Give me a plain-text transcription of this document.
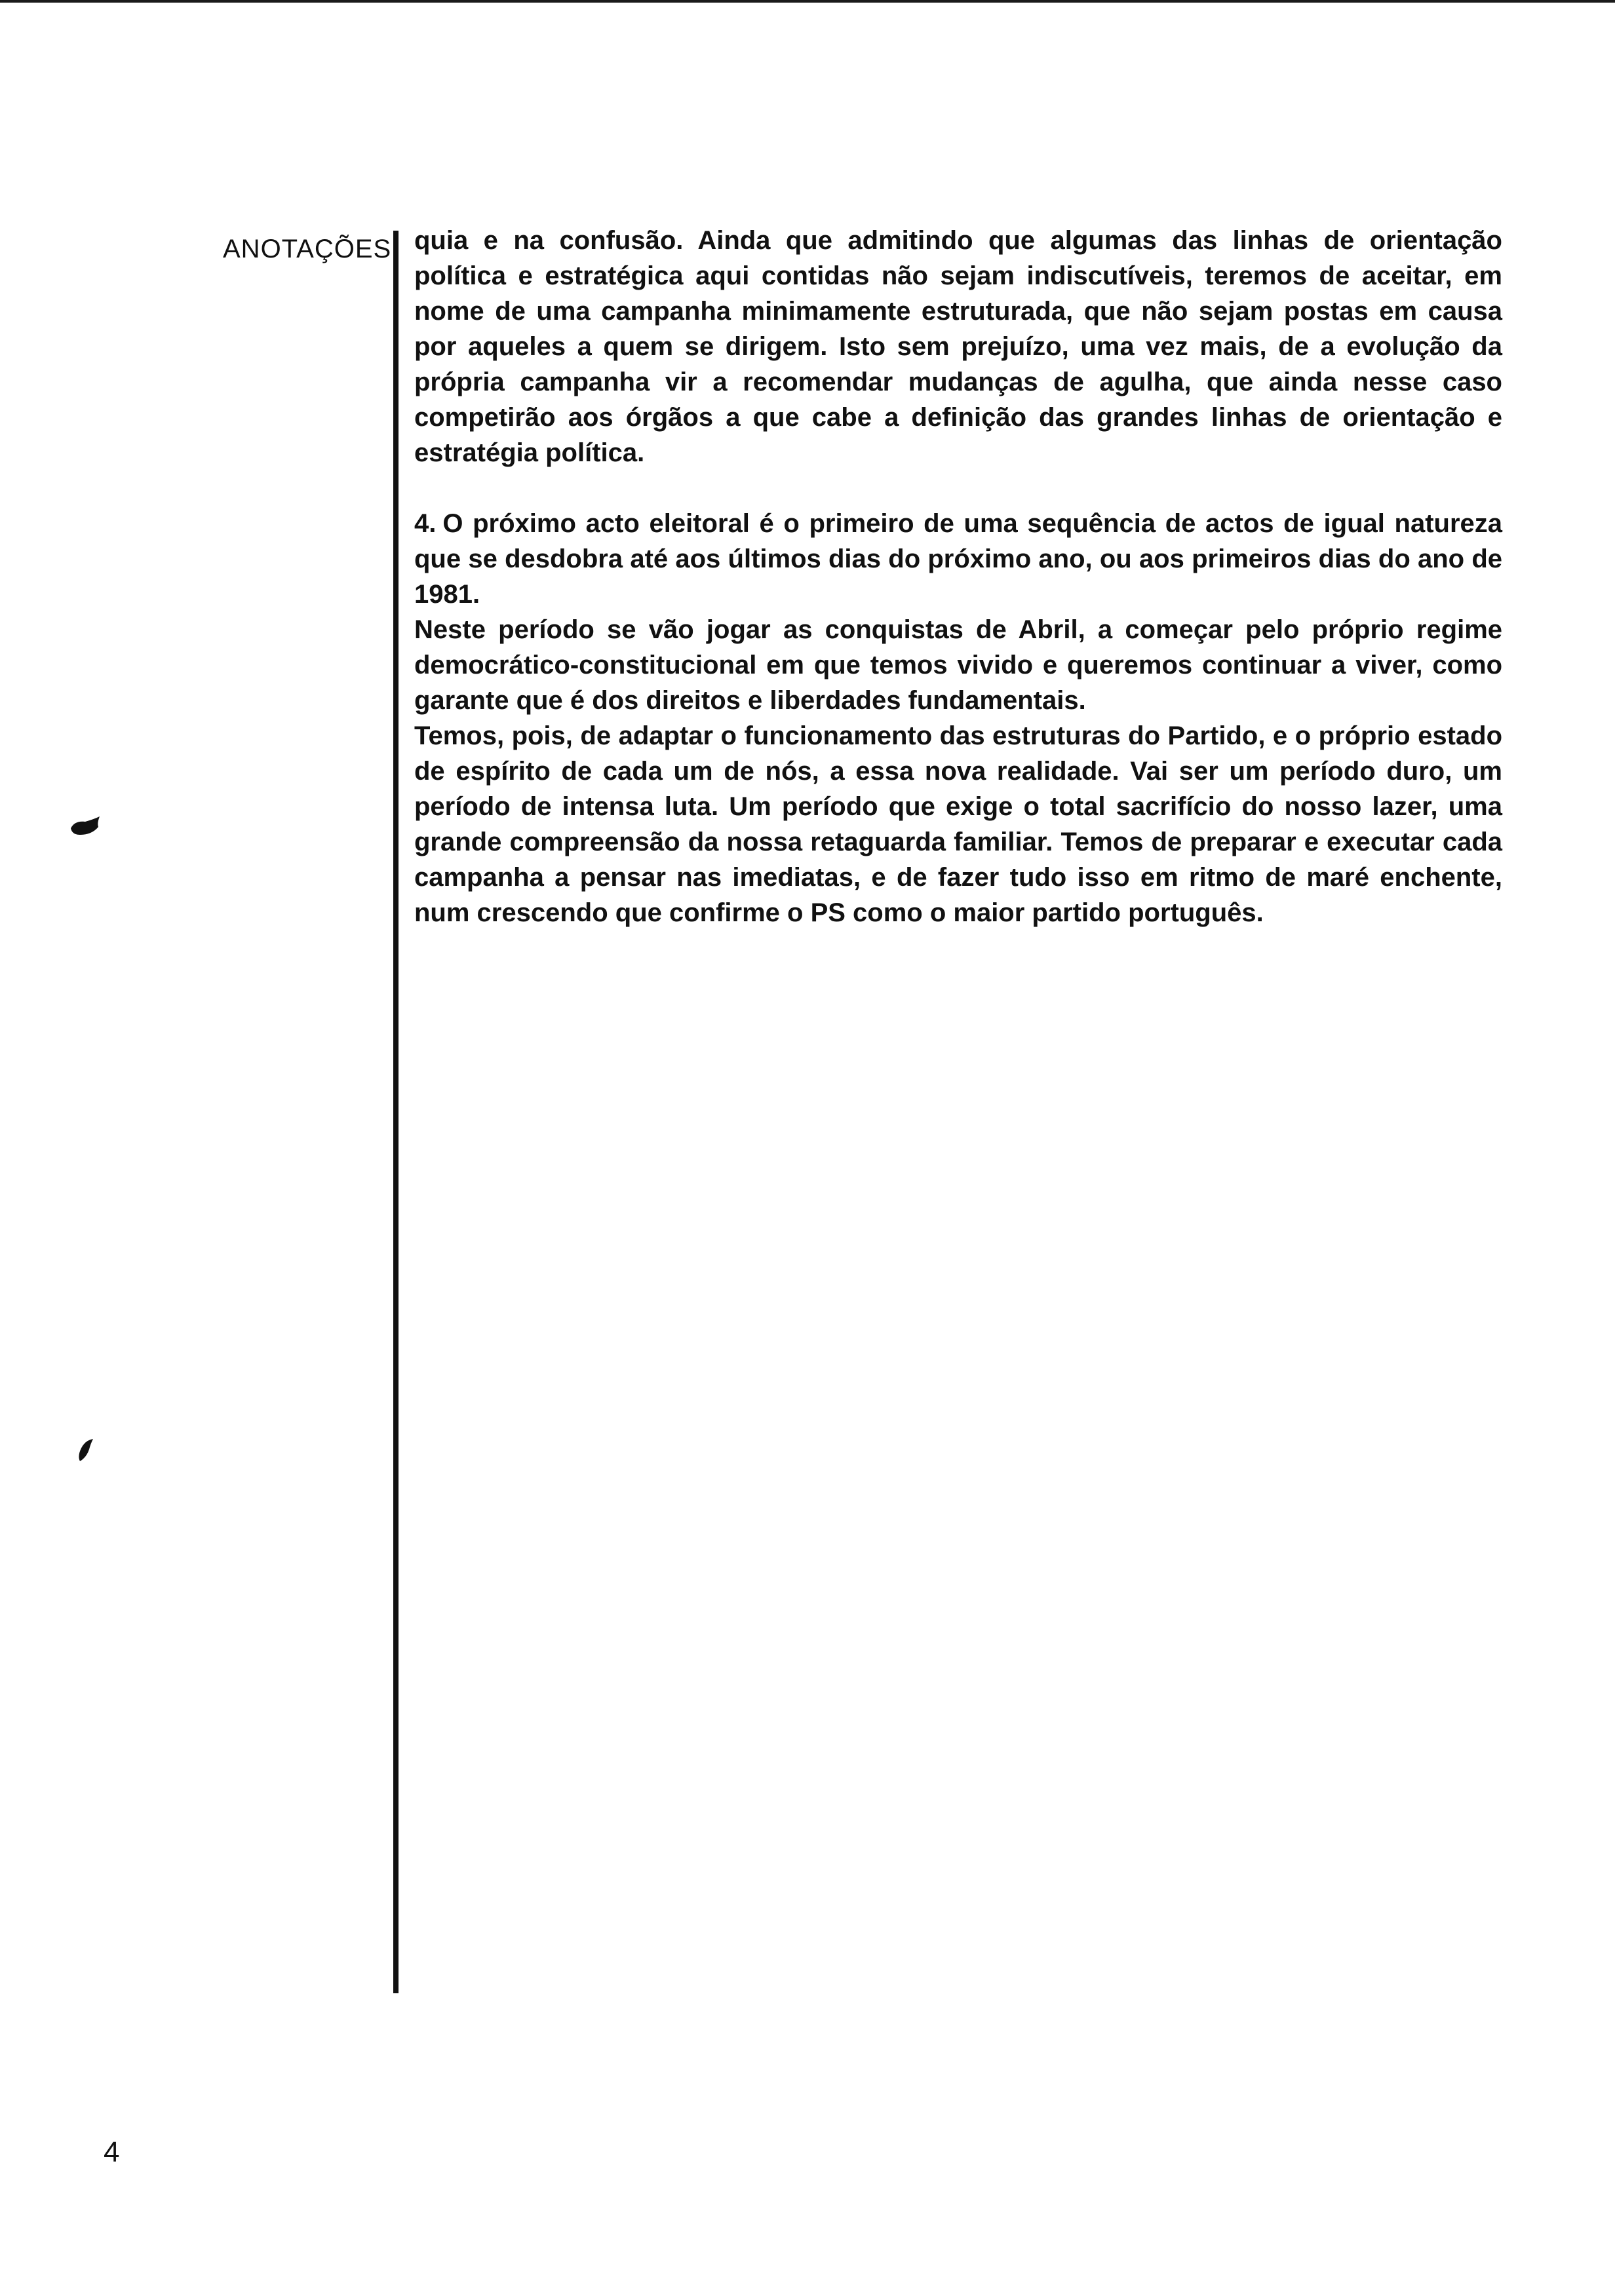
ANOTAÇÕES quia e na confusão. Ainda que admitindo que algumas das linhas de orientação política e estratégica aqui contidas não sejam indiscutíveis, teremos de aceitar, em nome de uma campanha minimamente estruturada, que não sejam postas em causa por aqueles a quem se dirigem. Isto sem prejuízo, uma vez mais, de a evolução da própria campanha vir a recomendar mudanças de agulha, que ainda nesse caso competirão aos órgãos a que cabe a definição das grandes linhas de orientação e estratégia política.

4. O próximo acto eleitoral é o primeiro de uma sequência de actos de igual natureza que se desdobra até aos últimos dias do próximo ano, ou aos primeiros dias do ano de 1981.

Neste período se vão jogar as conquistas de Abril, a começar pelo próprio regime democrático-constitucional em que temos vivido e queremos continuar a viver, como garante que é dos direitos e liberdades fundamentais.

Temos, pois, de adaptar o funcionamento das estruturas do Partido, e o próprio estado de espírito de cada um de nós, a essa nova realidade. Vai ser um período duro, um período de intensa luta. Um período que exige o total sacrifício do nosso lazer, uma grande compreensão da nossa retaguarda familiar. Temos de preparar e executar cada campanha a pensar nas imediatas, e de fazer tudo isso em ritmo de maré enchente, num crescendo que confirme o PS como o maior partido português.

4
